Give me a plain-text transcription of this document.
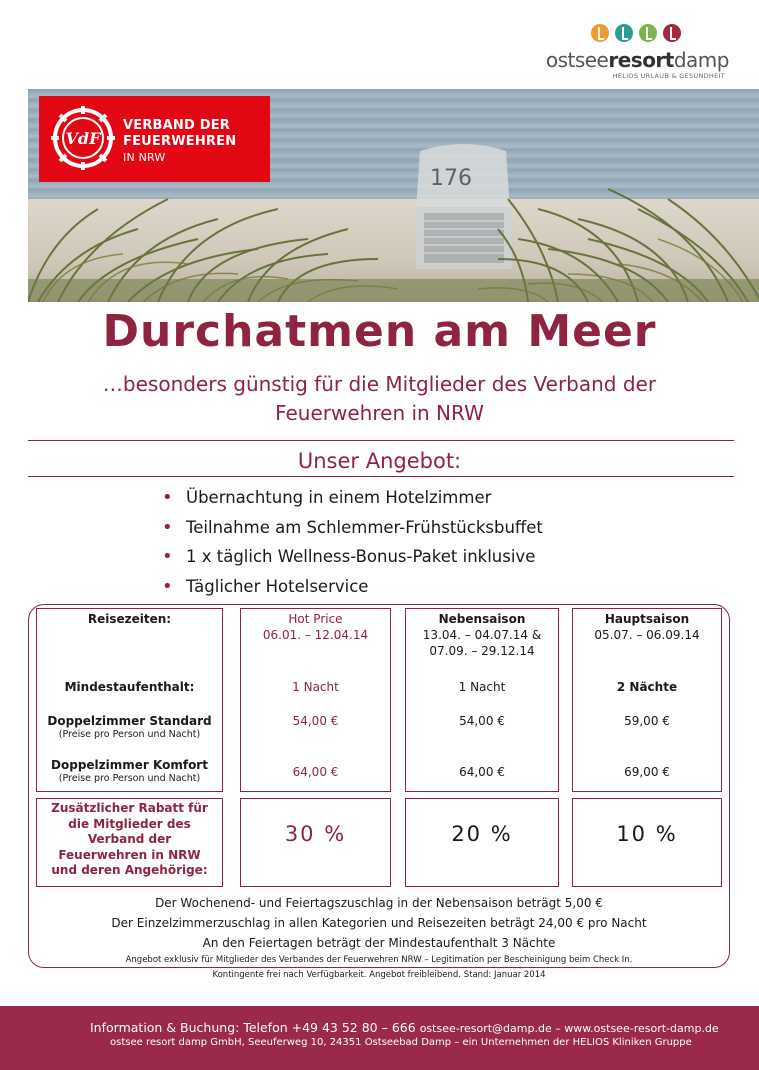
ostseeresortdamp
HELIOS URLAUB & GESUNDHEIT
176
VdF
VERBAND DER
FEUERWEHREN
IN NRW
Durchatmen am Meer
…besonders günstig für die Mitglieder des Verband der
Feuerwehren in NRW
Unser Angebot:
• Übernachtung in einem Hotelzimmer
• Teilnahme am Schlemmer-Frühstücksbuffet
• 1 x täglich Wellness-Bonus-Paket inklusive
• Täglicher Hotelservice
Reisezeiten:
Mindestaufenthalt:
Doppelzimmer Standard
(Preise pro Person und Nacht)
Doppelzimmer Komfort
(Preise pro Person und Nacht)
Hot Price
06.01. – 12.04.14
1 Nacht
54,00 €
64,00 €
30 %
Nebensaison
13.04. – 04.07.14 &
07.09. – 29.12.14
1 Nacht
54,00 €
64,00 €
20 %
Hauptsaison
05.07. – 06.09.14
2 Nächte
59,00 €
69,00 €
10 %
Zusätzlicher Rabatt für
die Mitglieder des
Verband der
Feuerwehren in NRW
und deren Angehörige:
Der Wochenend- und Feiertagszuschlag in der Nebensaison beträgt 5,00 €
Der Einzelzimmerzuschlag in allen Kategorien und Reisezeiten beträgt 24,00 € pro Nacht
An den Feiertagen beträgt der Mindestaufenthalt 3 Nächte
Angebot exklusiv für Mitglieder des Verbandes der Feuerwehren NRW – Legitimation per Bescheinigung beim Check In.
Kontingente frei nach Verfügbarkeit. Angebot freibleibend. Stand: Januar 2014
Information & Buchung: Telefon +49 43 52 80 – 666 ostsee-resort@damp.de – www.ostsee-resort-damp.de
ostsee resort damp GmbH, Seeuferweg 10, 24351 Ostseebad Damp – ein Unternehmen der HELIOS Kliniken Gruppe
